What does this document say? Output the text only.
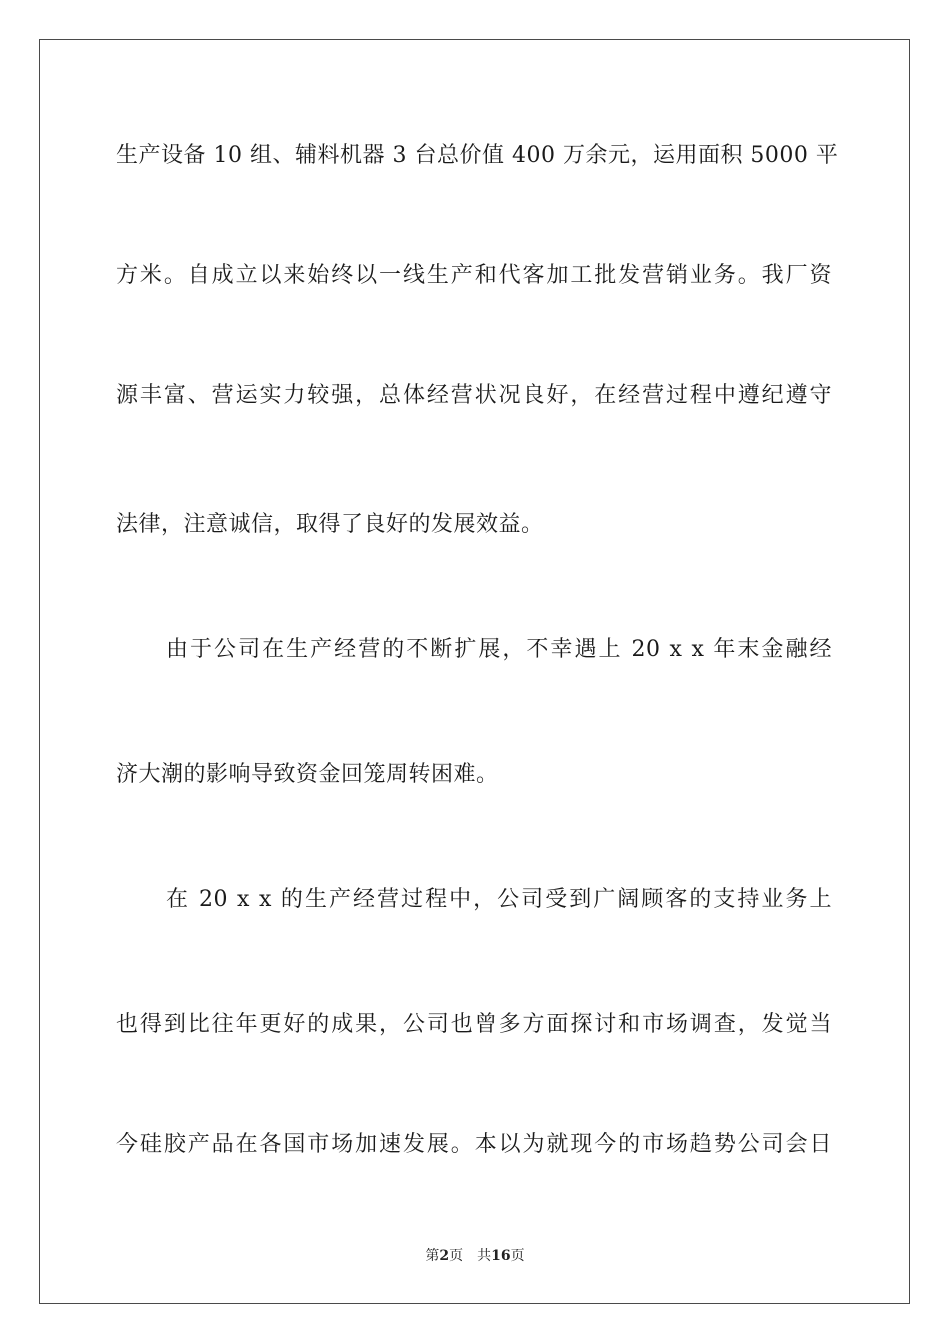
生产设备 10 组、辅料机器 3 台总价值 400 万余元，运用面积 5000 平
方米。自成立以来始终以一线生产和代客加工批发营销业务。我厂资
源丰富、营运实力较强，总体经营状况良好，在经营过程中遵纪遵守
法律，注意诚信，取得了良好的发展效益。
由于公司在生产经营的不断扩展，不幸遇上 20 x x 年末金融经
济大潮的影响导致资金回笼周转困难。
在 20 x x 的生产经营过程中，公司受到广阔顾客的支持业务上
也得到比往年更好的成果，公司也曾多方面探讨和市场调查，发觉当
今硅胶产品在各国市场加速发展。本以为就现今的市场趋势公司会日
第2页 共16页
